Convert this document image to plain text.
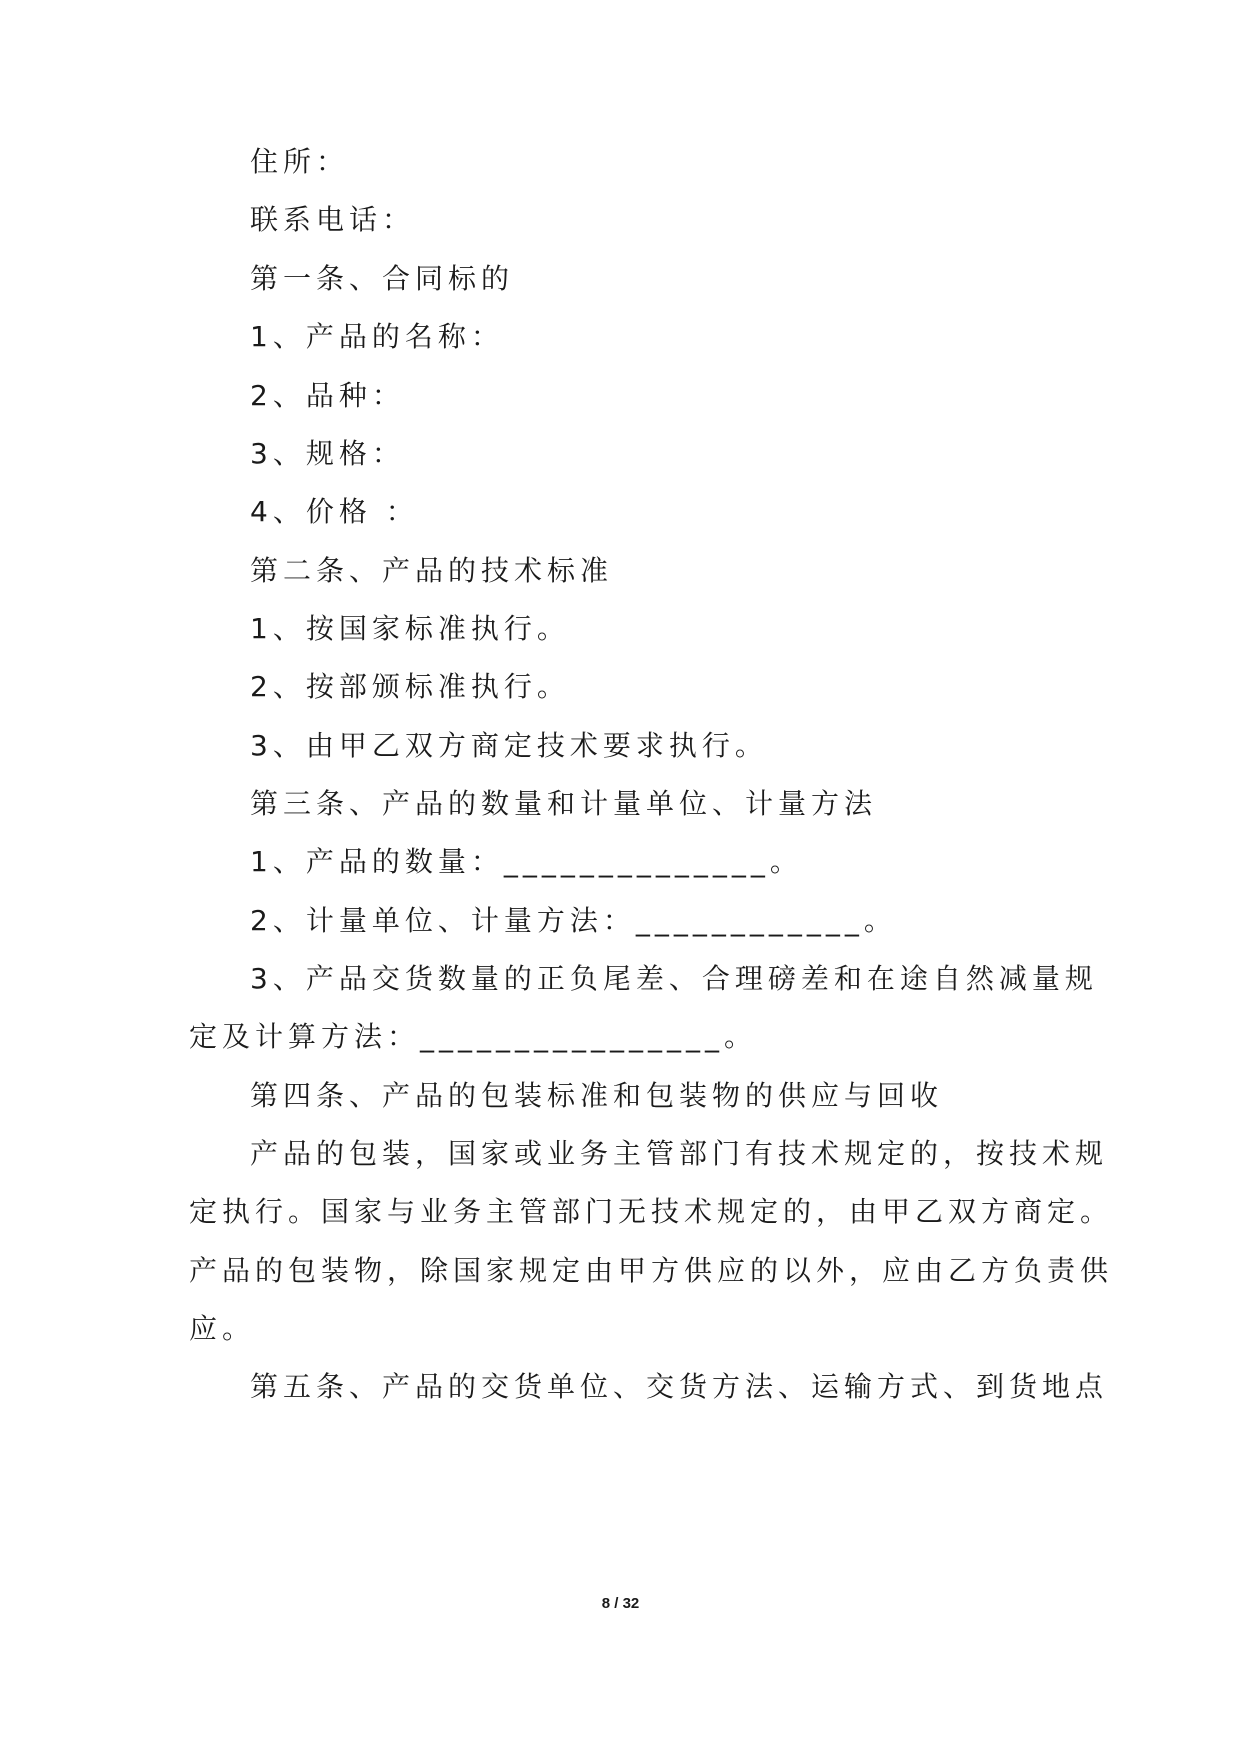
住所：
联系电话：
第一条、合同标的
1、产品的名称：
2、品种：
3、规格：
4、价格 ：
第二条、产品的技术标准
1、按国家标准执行。
2、按部颁标准执行。
3、由甲乙双方商定技术要求执行。
第三条、产品的数量和计量单位、计量方法
1、产品的数量：______________。
2、计量单位、计量方法：____________。
3、产品交货数量的正负尾差、合理磅差和在途自然减量规
定及计算方法：________________。
第四条、产品的包装标准和包装物的供应与回收
产品的包装，国家或业务主管部门有技术规定的，按技术规
定执行。国家与业务主管部门无技术规定的，由甲乙双方商定。
产品的包装物，除国家规定由甲方供应的以外，应由乙方负责供
应。
第五条、产品的交货单位、交货方法、运输方式、到货地点
8 / 32
